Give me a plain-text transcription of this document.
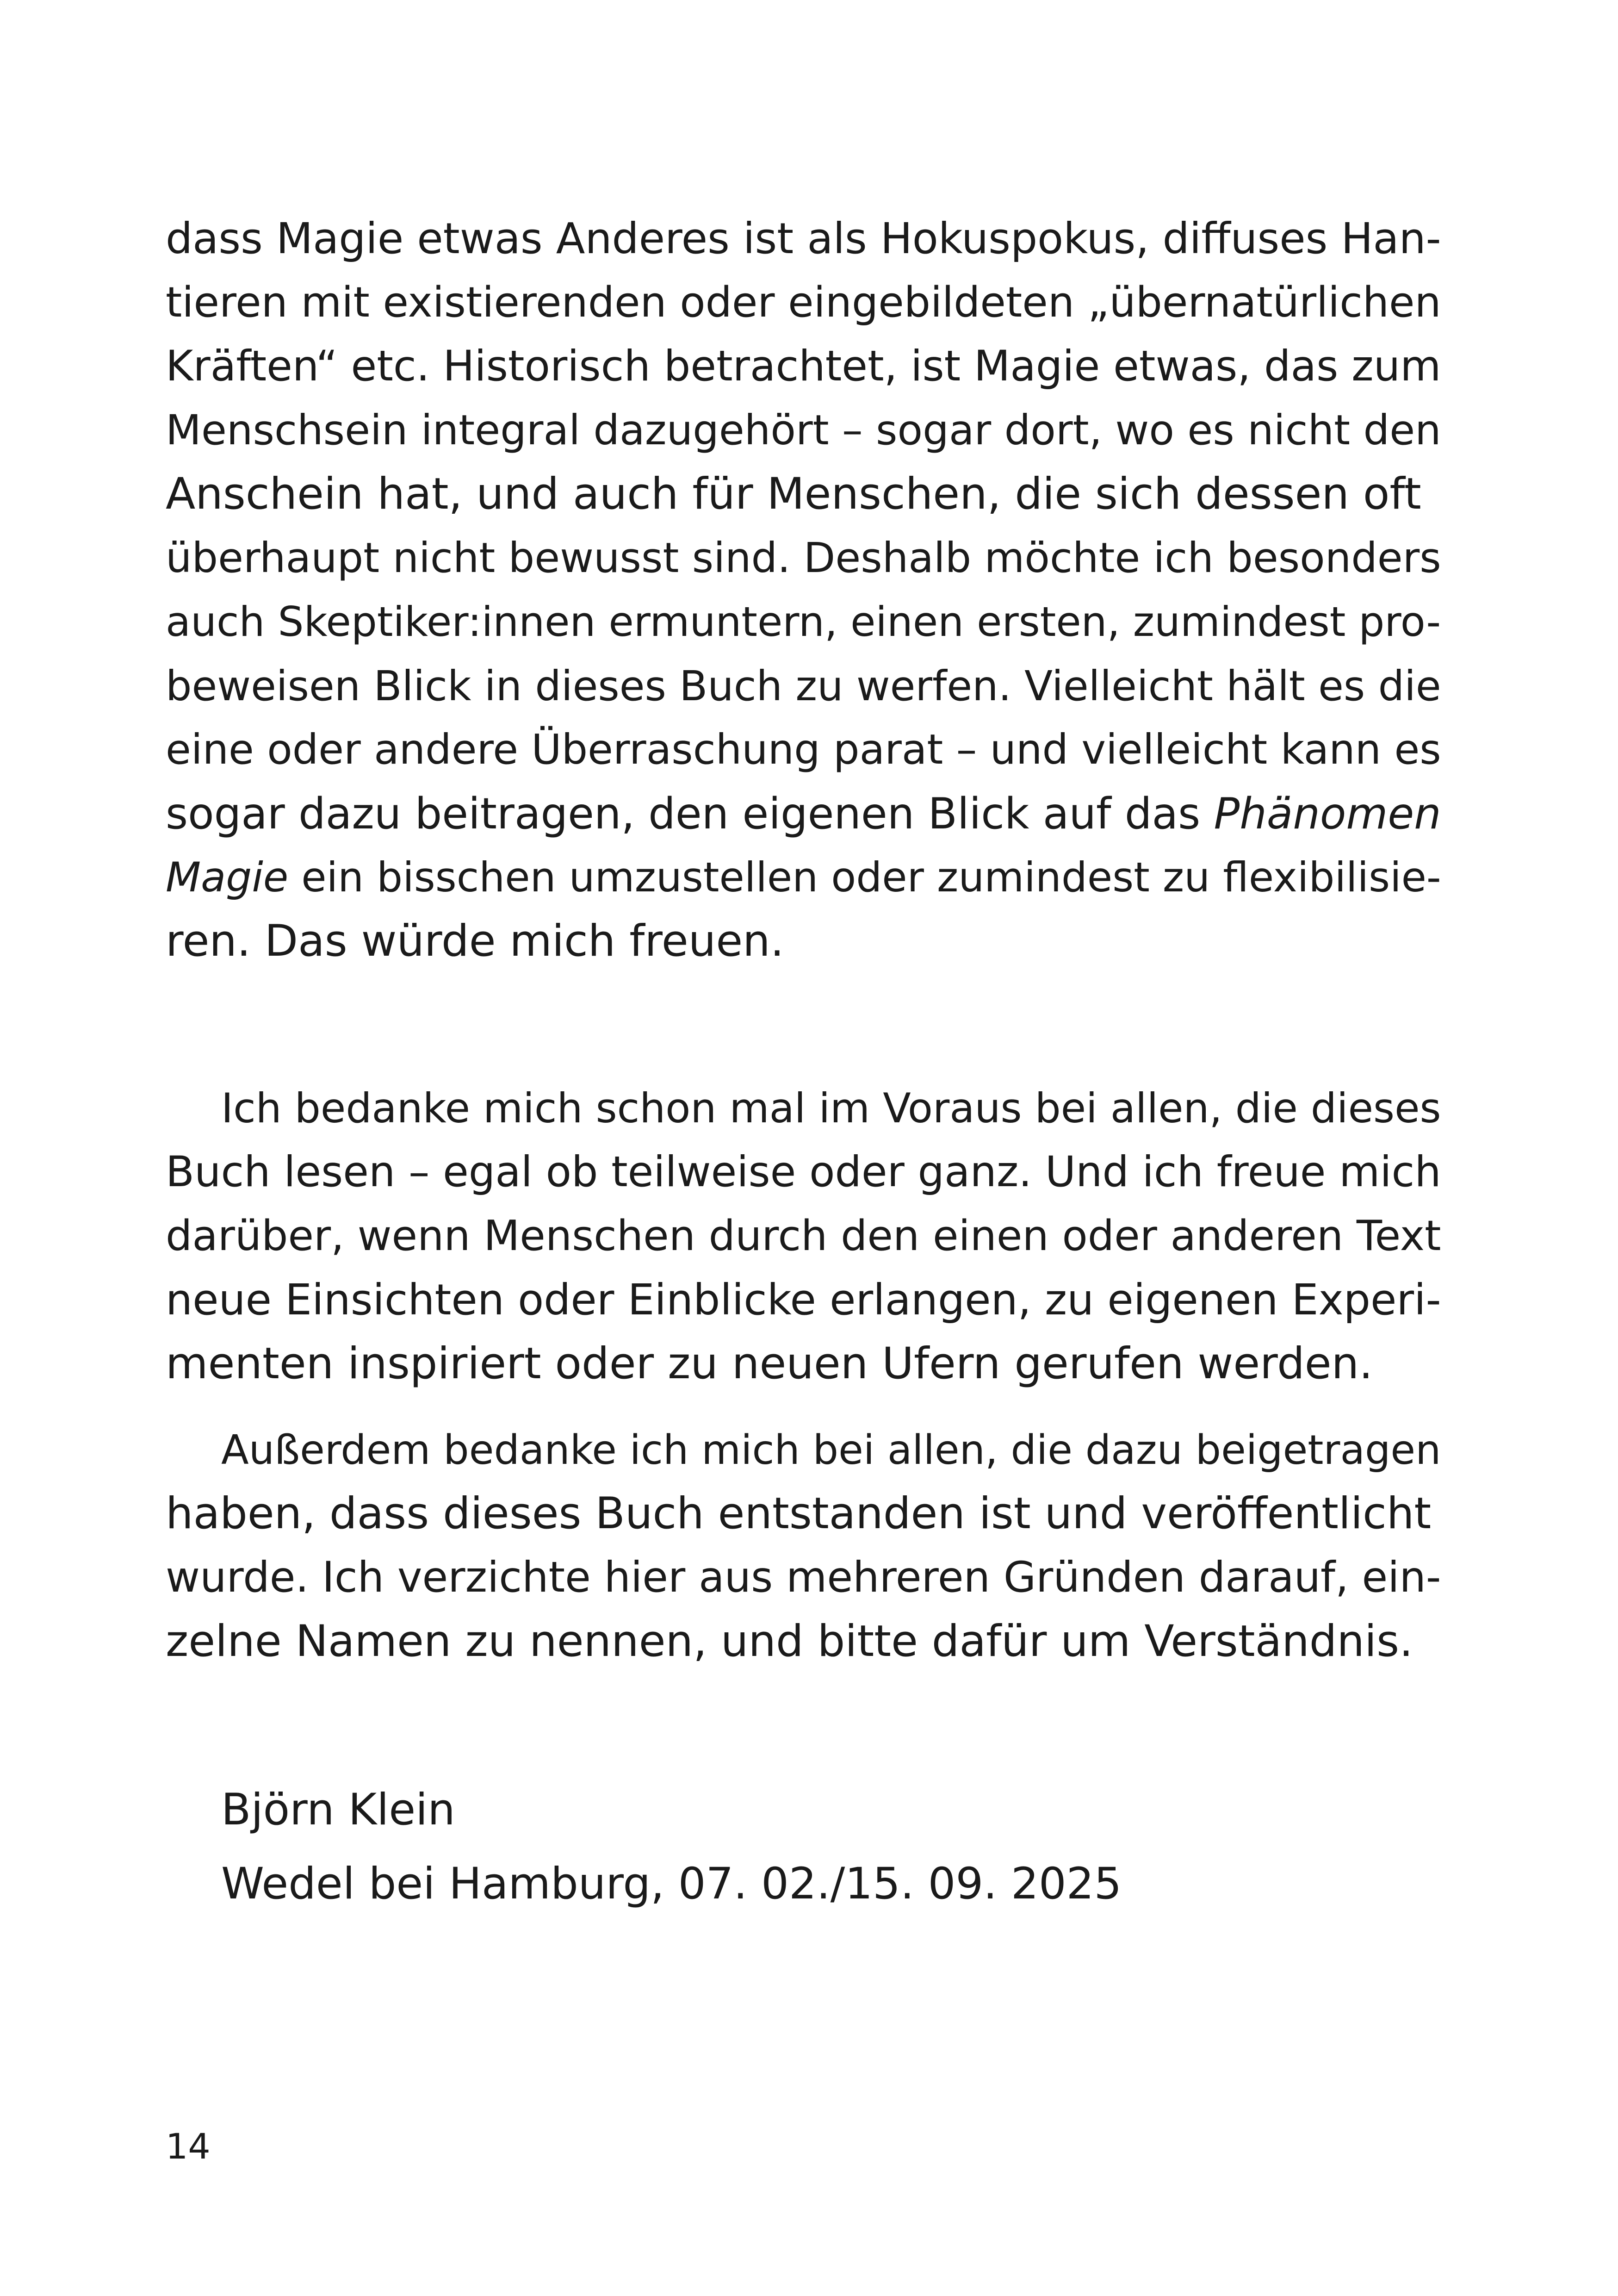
dass Magie etwas Anderes ist als Hokuspokus, diffuses Han-
tieren mit existierenden oder eingebildeten „übernatürlichen
Kräften“ etc. Historisch betrachtet, ist Magie etwas, das zum
Menschsein integral dazugehört – sogar dort, wo es nicht den
Anschein hat, und auch für Menschen, die sich dessen oft
überhaupt nicht bewusst sind. Deshalb möchte ich besonders
auch Skeptiker:innen ermuntern, einen ersten, zumindest pro-
beweisen Blick in dieses Buch zu werfen. Vielleicht hält es die
eine oder andere Überraschung parat – und vielleicht kann es
sogar dazu beitragen, den eigenen Blick auf das Phänomen
Magie ein bisschen umzustellen oder zumindest zu flexibilisie-
ren. Das würde mich freuen.
Ich bedanke mich schon mal im Voraus bei allen, die dieses
Buch lesen – egal ob teilweise oder ganz. Und ich freue mich
darüber, wenn Menschen durch den einen oder anderen Text
neue Einsichten oder Einblicke erlangen, zu eigenen Experi-
menten inspiriert oder zu neuen Ufern gerufen werden.
Außerdem bedanke ich mich bei allen, die dazu beigetragen
haben, dass dieses Buch entstanden ist und veröffentlicht
wurde. Ich verzichte hier aus mehreren Gründen darauf, ein-
zelne Namen zu nennen, und bitte dafür um Verständnis.
Björn Klein
Wedel bei Hamburg, 07. 02./15. 09. 2025
14
